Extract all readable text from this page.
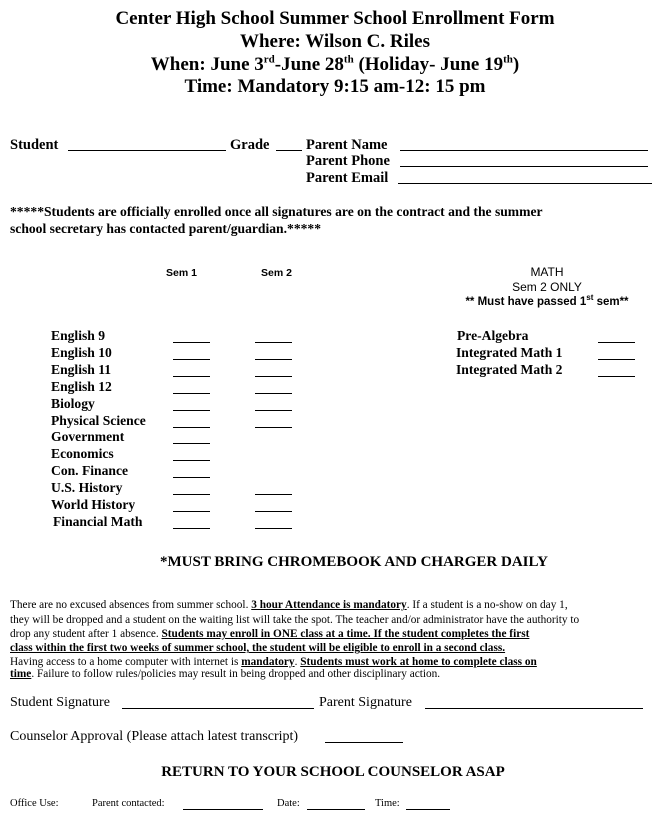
Center High School Summer School Enrollment Form
Where: Wilson C. Riles
When: June 3rd-June 28th (Holiday- June 19th)
Time: Mandatory 9:15 am-12: 15 pm
Student	Grade	Parent Name
Parent Phone
Parent Email
*****Students are officially enrolled once all signatures are on the contract and the summer
school secretary has contacted parent/guardian.*****
Sem 1	Sem 2	MATH
Sem 2 ONLY
** Must have passed 1st sem**
English 9
English 10
English 11
English 12
Biology
Physical Science
Government
Economics
Con. Finance
U.S. History
World History
Financial Math
Pre-Algebra
Integrated Math 1
Integrated Math 2
*MUST BRING CHROMEBOOK AND CHARGER DAILY
There are no excused absences from summer school. 3 hour Attendance is mandatory. If a student is a no-show on day 1,
they will be dropped and a student on the waiting list will take the spot. The teacher and/or administrator have the authority to
drop any student after 1 absence. Students may enroll in ONE class at a time. If the student completes the first
class within the first two weeks of summer school, the student will be eligible to enroll in a second class.
Having access to a home computer with internet is mandatory. Students must work at home to complete class on
time. Failure to follow rules/policies may result in being dropped and other disciplinary action.
Student Signature	Parent Signature
Counselor Approval (Please attach latest transcript)
RETURN TO YOUR SCHOOL COUNSELOR ASAP
Office Use:	Parent contacted:	Date:	Time:
